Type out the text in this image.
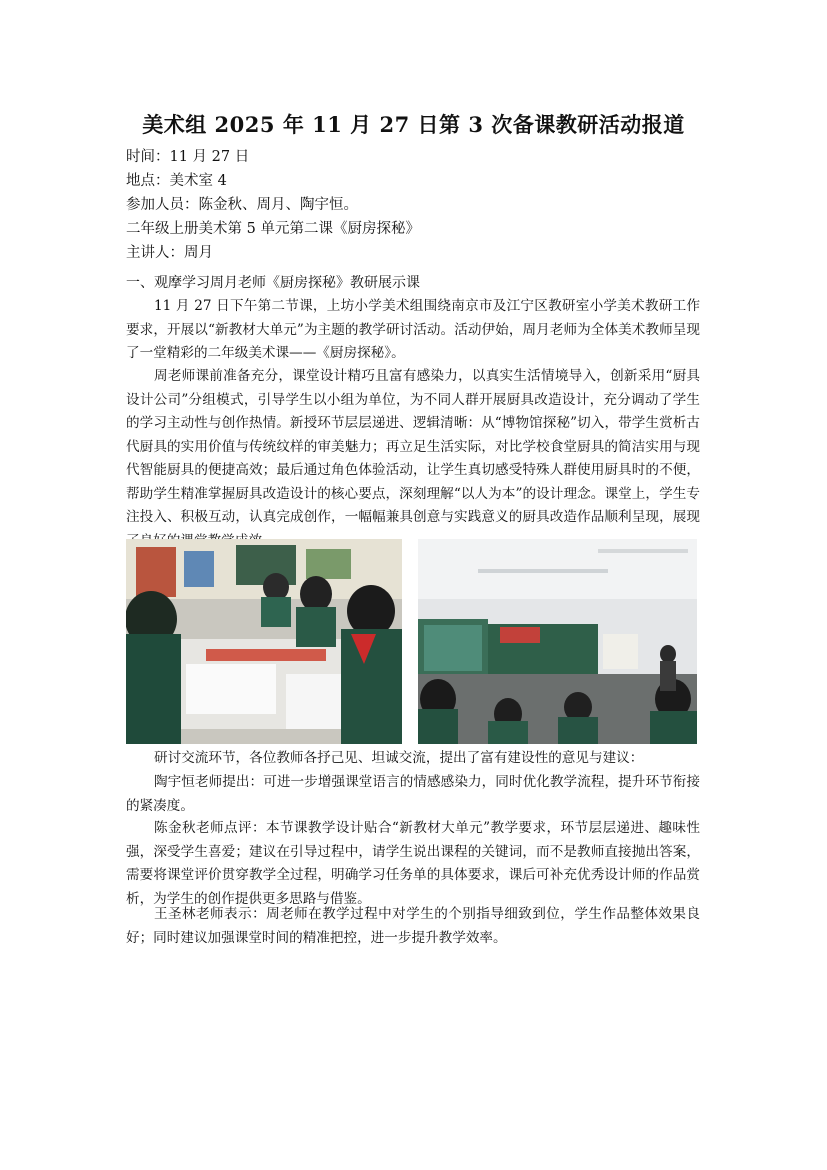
美术组 2025 年 11 月 27 日第 3 次备课教研活动报道
时间：11 月 27 日
地点：美术室 4
参加人员：陈金秋、周月、陶宇恒。
二年级上册美术第 5 单元第二课《厨房探秘》
主讲人：周月
一、观摩学习周月老师《厨房探秘》教研展示课

11 月 27 日下午第二节课，上坊小学美术组围绕南京市及江宁区教研室小学美术教研工作要求，开展以“新教材大单元”为主题的教学研讨活动。活动伊始，周月老师为全体美术教师呈现了一堂精彩的二年级美术课——《厨房探秘》。

周老师课前准备充分，课堂设计精巧且富有感染力，以真实生活情境导入，创新采用“厨具设计公司”分组模式，引导学生以小组为单位，为不同人群开展厨具改造设计，充分调动了学生的学习主动性与创作热情。新授环节层层递进、逻辑清晰：从“博物馆探秘”切入，带学生赏析古代厨具的实用价值与传统纹样的审美魅力；再立足生活实际，对比学校食堂厨具的简洁实用与现代智能厨具的便捷高效；最后通过角色体验活动，让学生真切感受特殊人群使用厨具时的不便，帮助学生精准掌握厨具改造设计的核心要点，深刻理解“以人为本”的设计理念。课堂上，学生专注投入、积极互动，认真完成创作，一幅幅兼具创意与实践意义的厨具改造作品顺利呈现，展现

研讨交流环节，各位教师各抒己见、坦诚交流，提出了富有建设性的意见与建议：

陶宇恒老师提出：可进一步增强课堂语言的情感感染力，同时优化教学流程，提升环节衔接的紧凑度。

陈金秋老师点评：本节课教学设计贴合“新教材大单元”教学要求，环节层层递进、趣味性强，深受学生喜爱；建议在引导过程中，请学生说出课程的关键词，而不是教师直接抛出答案，需要将课堂评价贯穿教学全过程，明确学习任务单的具体要求，课后可补充优秀设计师的作品赏析，为学生的创作提供更多思路与借鉴。

王圣林老师表示：周老师在教学过程中对学生的个别指导细致到位，学生作品整体效果良好；同时建议加强课堂时间的精准把控，进一步提升教学效率。
